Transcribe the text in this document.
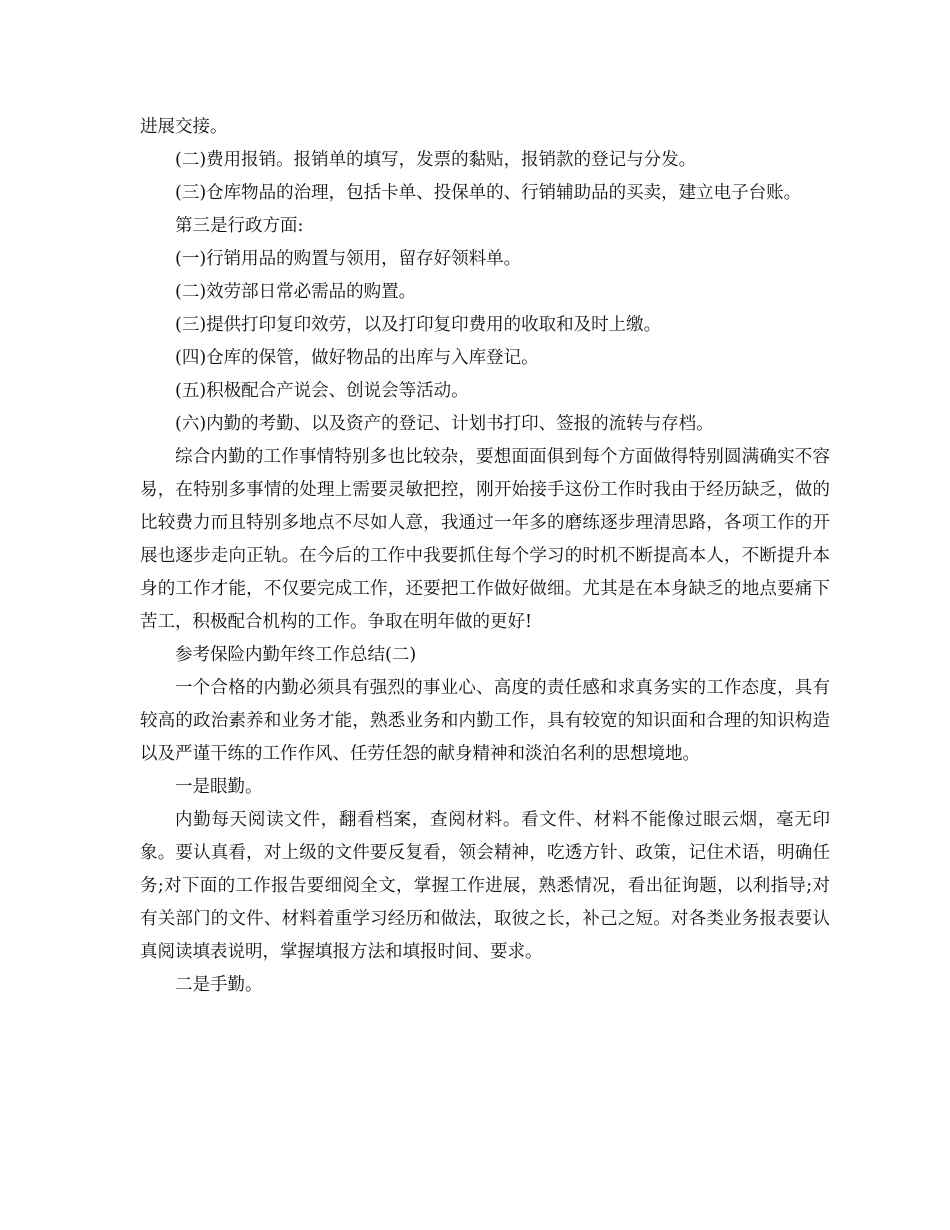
进展交接。

(二)费用报销。报销单的填写，发票的黏贴，报销款的登记与分发。

(三)仓库物品的治理，包括卡单、投保单的、行销辅助品的买卖，建立电子台账。

第三是行政方面:

(一)行销用品的购置与领用，留存好领料单。

(二)效劳部日常必需品的购置。

(三)提供打印复印效劳，以及打印复印费用的收取和及时上缴。

(四)仓库的保管，做好物品的出库与入库登记。

(五)积极配合产说会、创说会等活动。

(六)内勤的考勤、以及资产的登记、计划书打印、签报的流转与存档。

综合内勤的工作事情特别多也比较杂，要想面面俱到每个方面做得特别圆满确实不容易，在特别多事情的处理上需要灵敏把控，刚开始接手这份工作时我由于经历缺乏，做的比较费力而且特别多地点不尽如人意，我通过一年多的磨练逐步理清思路，各项工作的开展也逐步走向正轨。在今后的工作中我要抓住每个学习的时机不断提高本人，不断提升本身的工作才能，不仅要完成工作，还要把工作做好做细。尤其是在本身缺乏的地点要痛下苦工，积极配合机构的工作。争取在明年做的更好!

参考保险内勤年终工作总结(二)

一个合格的内勤必须具有强烈的事业心、高度的责任感和求真务实的工作态度，具有较高的政治素养和业务才能，熟悉业务和内勤工作，具有较宽的知识面和合理的知识构造以及严谨干练的工作作风、任劳任怨的献身精神和淡泊名利的思想境地。

一是眼勤。

内勤每天阅读文件，翻看档案，查阅材料。看文件、材料不能像过眼云烟，毫无印象。要认真看，对上级的文件要反复看，领会精神，吃透方针、政策，记住术语，明确任务;对下面的工作报告要细阅全文，掌握工作进展，熟悉情况，看出征询题，以利指导;对有关部门的文件、材料着重学习经历和做法，取彼之长，补己之短。对各类业务报表要认真阅读填表说明，掌握填报方法和填报时间、要求。

二是手勤。
